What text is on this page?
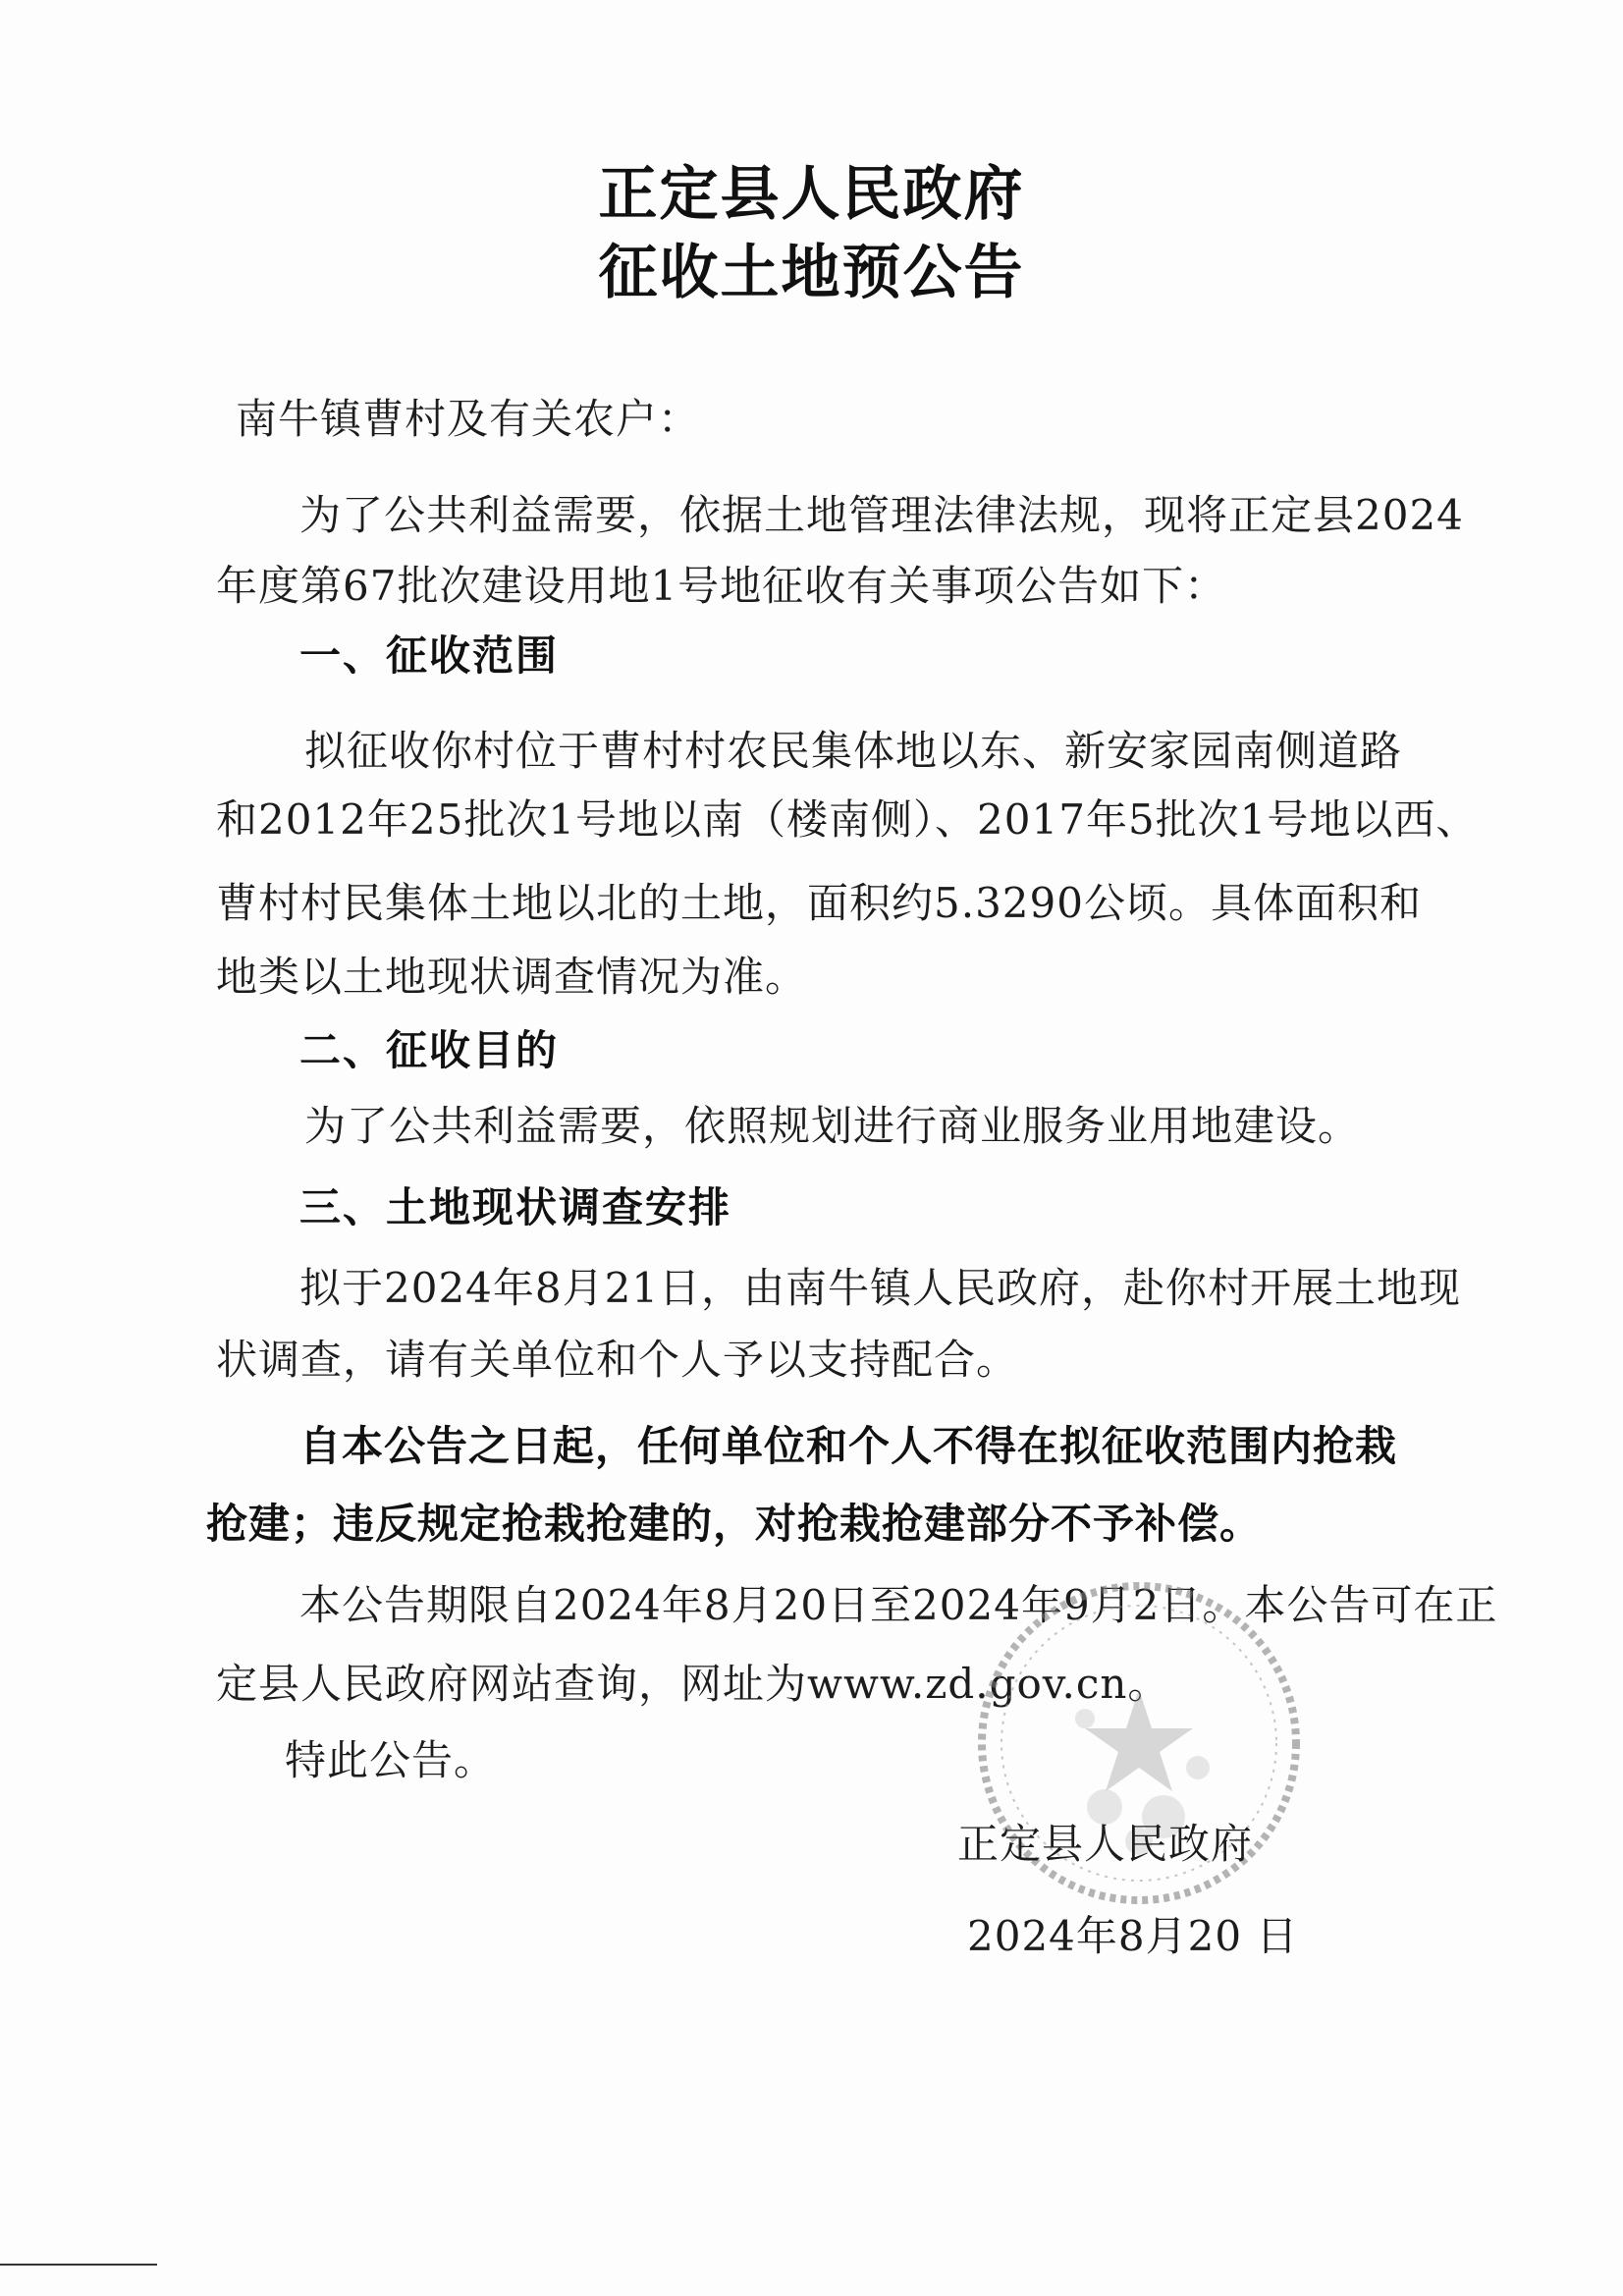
正定县人民政府
征收土地预公告
南牛镇曹村及有关农户：
为了公共利益需要，依据土地管理法律法规，现将正定县2024
年度第67批次建设用地1号地征收有关事项公告如下：
一、征收范围
拟征收你村位于曹村村农民集体地以东、新安家园南侧道路
和2012年25批次1号地以南（楼南侧）、2017年5批次1号地以西、
曹村村民集体土地以北的土地，面积约5.3290公顷。具体面积和
地类以土地现状调查情况为准。
二、征收目的
为了公共利益需要，依照规划进行商业服务业用地建设。
三、土地现状调查安排
拟于2024年8月21日，由南牛镇人民政府，赴你村开展土地现
状调查，请有关单位和个人予以支持配合。
自本公告之日起，任何单位和个人不得在拟征收范围内抢栽
抢建；违反规定抢栽抢建的，对抢栽抢建部分不予补偿。
本公告期限自2024年8月20日至2024年9月2日。本公告可在正
定县人民政府网站查询，网址为www.zd.gov.cn。
特此公告。
正定县人民政府
2024年8月20 日
